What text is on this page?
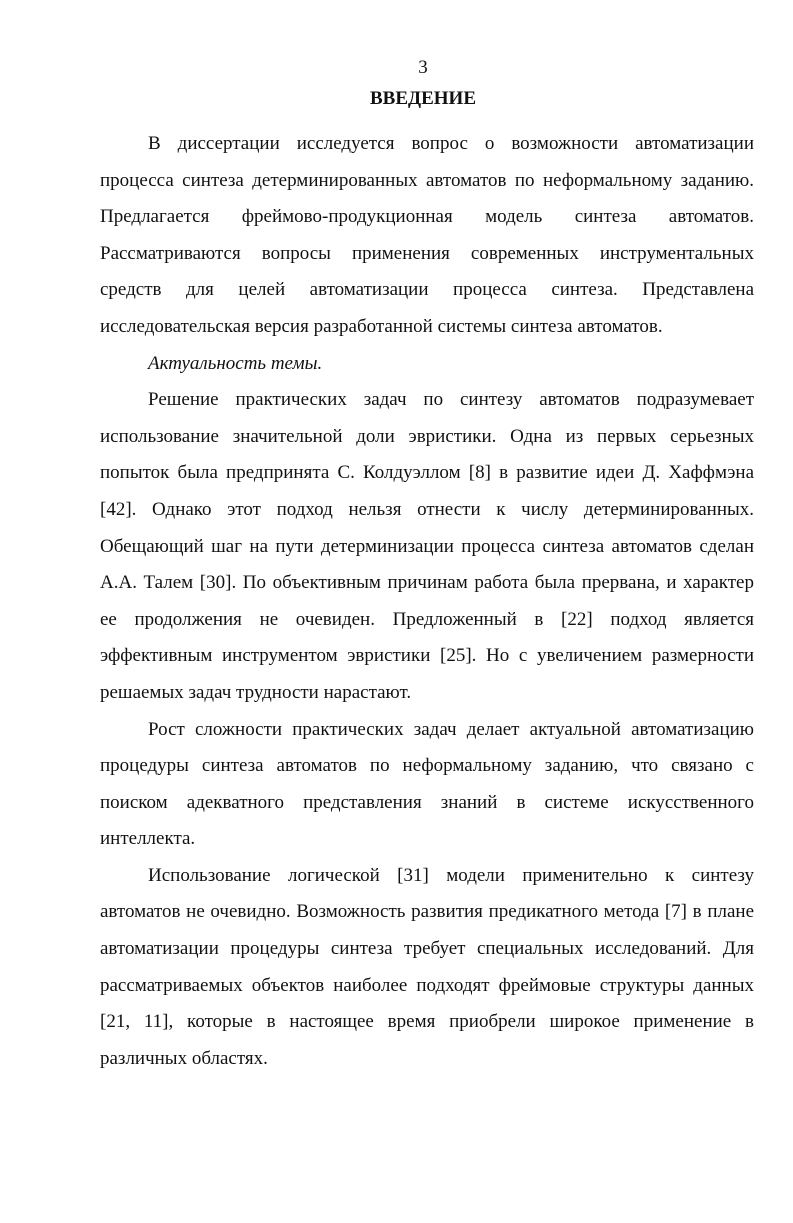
3
ВВЕДЕНИЕ

В диссертации исследуется вопрос о возможности автоматизации процесса синтеза детерминированных автоматов по неформальному заданию. Предлагается фреймово-продукционная модель синтеза автоматов. Рассматриваются вопросы применения современных инструментальных средств для целей автоматизации процесса синтеза. Представлена исследовательская версия разработанной системы синтеза автоматов.

Актуальность темы.

Решение практических задач по синтезу автоматов подразумевает использование значительной доли эвристики. Одна из первых серьезных попыток была предпринята С. Колдуэллом [8] в развитие идеи Д. Хаффмэна [42]. Однако этот подход нельзя отнести к числу детерминированных. Обещающий шаг на пути детерминизации процесса синтеза автоматов сделан А.А. Талем [30]. По объективным причинам работа была прервана, и характер ее продолжения не очевиден. Предложенный в [22] подход является эффективным инструментом эвристики [25]. Но с увеличением размерности решаемых задач трудности нарастают.

Рост сложности практических задач делает актуальной автоматизацию процедуры синтеза автоматов по неформальному заданию, что связано с поиском адекватного представления знаний в системе искусственного интеллекта.

Использование логической [31] модели применительно к синтезу автоматов не очевидно. Возможность развития предикатного метода [7] в плане автоматизации процедуры синтеза требует специальных исследований. Для рассматриваемых объектов наиболее подходят фреймовые структуры данных [21, 11], которые в настоящее время приобрели широкое применение в различных областях.
